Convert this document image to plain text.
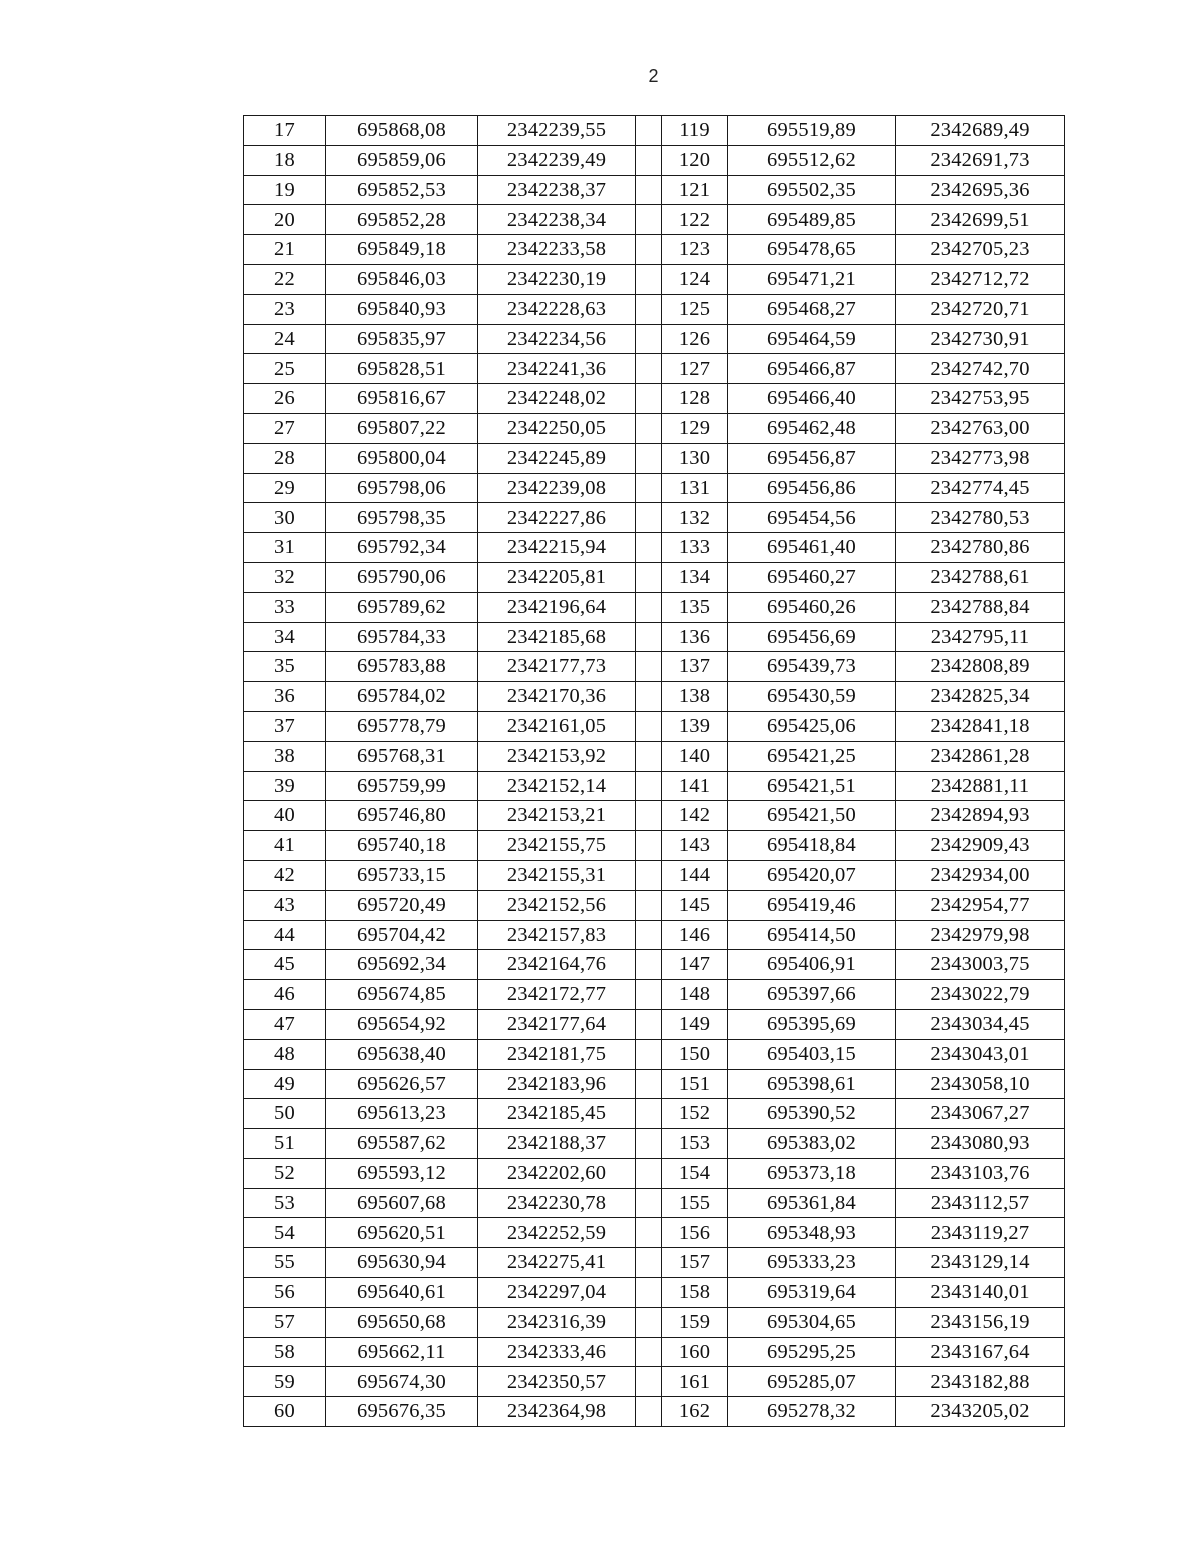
2
17	695868,08	2342239,55		119	695519,89	2342689,49
18	695859,06	2342239,49		120	695512,62	2342691,73
19	695852,53	2342238,37		121	695502,35	2342695,36
20	695852,28	2342238,34		122	695489,85	2342699,51
21	695849,18	2342233,58		123	695478,65	2342705,23
22	695846,03	2342230,19		124	695471,21	2342712,72
23	695840,93	2342228,63		125	695468,27	2342720,71
24	695835,97	2342234,56		126	695464,59	2342730,91
25	695828,51	2342241,36		127	695466,87	2342742,70
26	695816,67	2342248,02		128	695466,40	2342753,95
27	695807,22	2342250,05		129	695462,48	2342763,00
28	695800,04	2342245,89		130	695456,87	2342773,98
29	695798,06	2342239,08		131	695456,86	2342774,45
30	695798,35	2342227,86		132	695454,56	2342780,53
31	695792,34	2342215,94		133	695461,40	2342780,86
32	695790,06	2342205,81		134	695460,27	2342788,61
33	695789,62	2342196,64		135	695460,26	2342788,84
34	695784,33	2342185,68		136	695456,69	2342795,11
35	695783,88	2342177,73		137	695439,73	2342808,89
36	695784,02	2342170,36		138	695430,59	2342825,34
37	695778,79	2342161,05		139	695425,06	2342841,18
38	695768,31	2342153,92		140	695421,25	2342861,28
39	695759,99	2342152,14		141	695421,51	2342881,11
40	695746,80	2342153,21		142	695421,50	2342894,93
41	695740,18	2342155,75		143	695418,84	2342909,43
42	695733,15	2342155,31		144	695420,07	2342934,00
43	695720,49	2342152,56		145	695419,46	2342954,77
44	695704,42	2342157,83		146	695414,50	2342979,98
45	695692,34	2342164,76		147	695406,91	2343003,75
46	695674,85	2342172,77		148	695397,66	2343022,79
47	695654,92	2342177,64		149	695395,69	2343034,45
48	695638,40	2342181,75		150	695403,15	2343043,01
49	695626,57	2342183,96		151	695398,61	2343058,10
50	695613,23	2342185,45		152	695390,52	2343067,27
51	695587,62	2342188,37		153	695383,02	2343080,93
52	695593,12	2342202,60		154	695373,18	2343103,76
53	695607,68	2342230,78		155	695361,84	2343112,57
54	695620,51	2342252,59		156	695348,93	2343119,27
55	695630,94	2342275,41		157	695333,23	2343129,14
56	695640,61	2342297,04		158	695319,64	2343140,01
57	695650,68	2342316,39		159	695304,65	2343156,19
58	695662,11	2342333,46		160	695295,25	2343167,64
59	695674,30	2342350,57		161	695285,07	2343182,88
60	695676,35	2342364,98		162	695278,32	2343205,02
